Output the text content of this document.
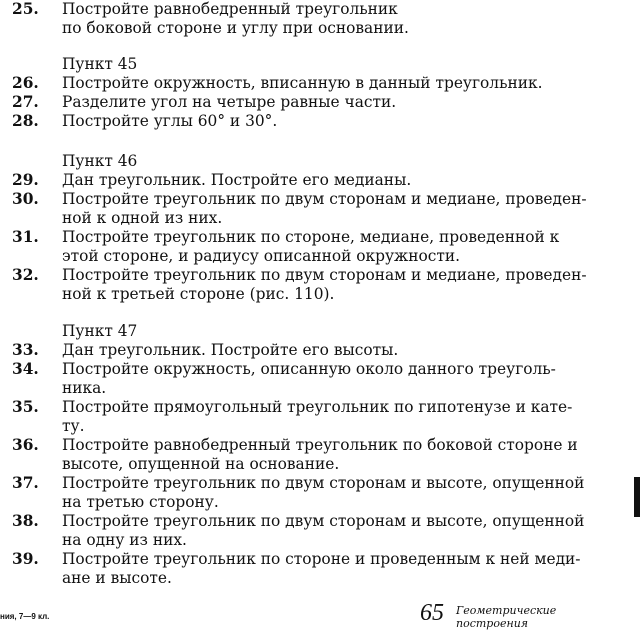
25.	Постройте равнобедренный треугольник
по боковой стороне и углу при основании.
Пункт 45
26.	Постройте окружность, вписанную в данный треугольник.
27.	Разделите угол на четыре равные части.
28.	Постройте углы 60° и 30°.
Пункт 46
29.	Дан треугольник. Постройте его медианы.
30.	Постройте треугольник по двум сторонам и медиане, проведен-
ной к одной из них.
31.	Постройте треугольник по стороне, медиане, проведенной к
этой стороне, и радиусу описанной окружности.
32.	Постройте треугольник по двум сторонам и медиане, проведен-
ной к третьей стороне (рис. 110).
Пункт 47
33.	Дан треугольник. Постройте его высоты.
34.	Постройте окружность, описанную около данного треуголь-
ника.
35.	Постройте прямоугольный треугольник по гипотенузе и кате-
ту.
36.	Постройте равнобедренный треугольник по боковой стороне и
высоте, опущенной на основание.
37.	Постройте треугольник по двум сторонам и высоте, опущенной
на третью сторону.
38.	Постройте треугольник по двум сторонам и высоте, опущенной
на одну из них.
39.	Постройте треугольник по стороне и проведенным к ней меди-
ане и высоте.
ния, 7—9 кл.	65 Геометрические
построения
